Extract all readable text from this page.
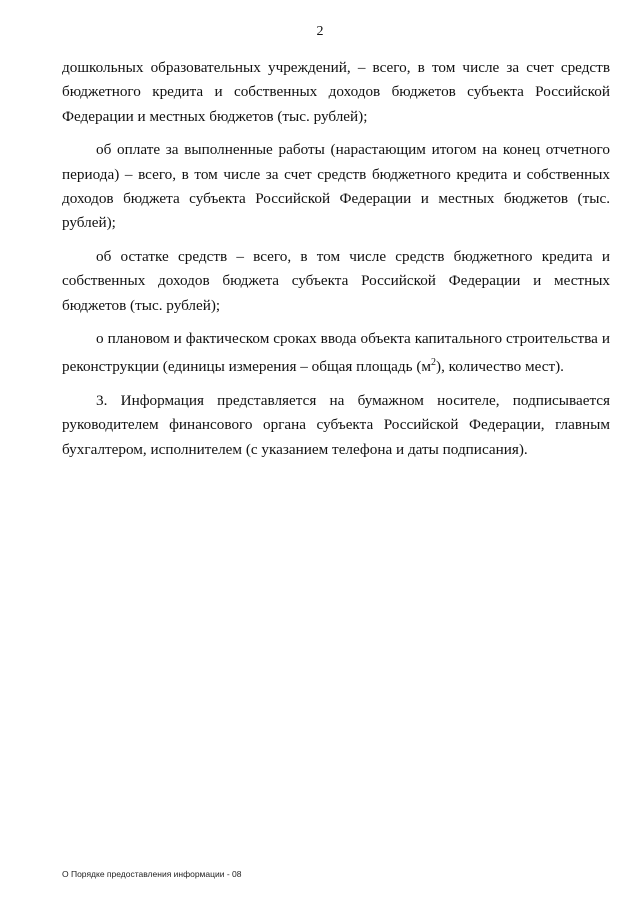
2

дошкольных образовательных учреждений, – всего, в том числе за счет средств бюджетного кредита и собственных доходов бюджетов субъекта Российской Федерации и местных бюджетов (тыс. рублей);

об оплате за выполненные работы (нарастающим итогом на конец отчетного периода) – всего, в том числе за счет средств бюджетного кредита и собственных доходов бюджета субъекта Российской Федерации и местных бюджетов (тыс. рублей);

об остатке средств – всего, в том числе средств бюджетного кредита и собственных доходов бюджета субъекта Российской Федерации и местных бюджетов (тыс. рублей);

о плановом и фактическом сроках ввода объекта капитального строительства и реконструкции (единицы измерения – общая площадь $(м^2)$, количество мест).

3. Информация представляется на бумажном носителе, подписывается руководителем финансового органа субъекта Российской Федерации, главным бухгалтером, исполнителем (с указанием телефона и даты подписания).

О Порядке предоставления информации - 08
